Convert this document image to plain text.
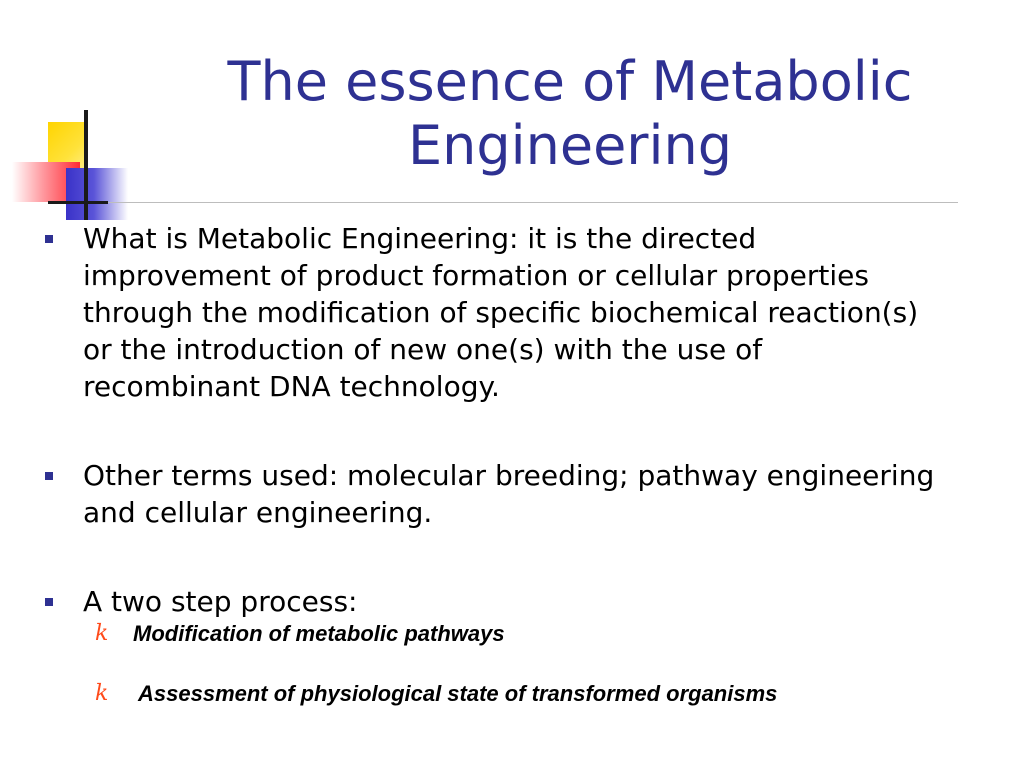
The essence of Metabolic
Engineering
What is Metabolic Engineering: it is the directed
improvement of product formation or cellular properties
through the modification of specific biochemical reaction(s)
or the introduction of new one(s) with the use of
recombinant DNA technology.
Other terms used: molecular breeding; pathway engineering
and cellular engineering.
A two step process:
k Modification of metabolic pathways
k Assessment of physiological state of transformed organisms
